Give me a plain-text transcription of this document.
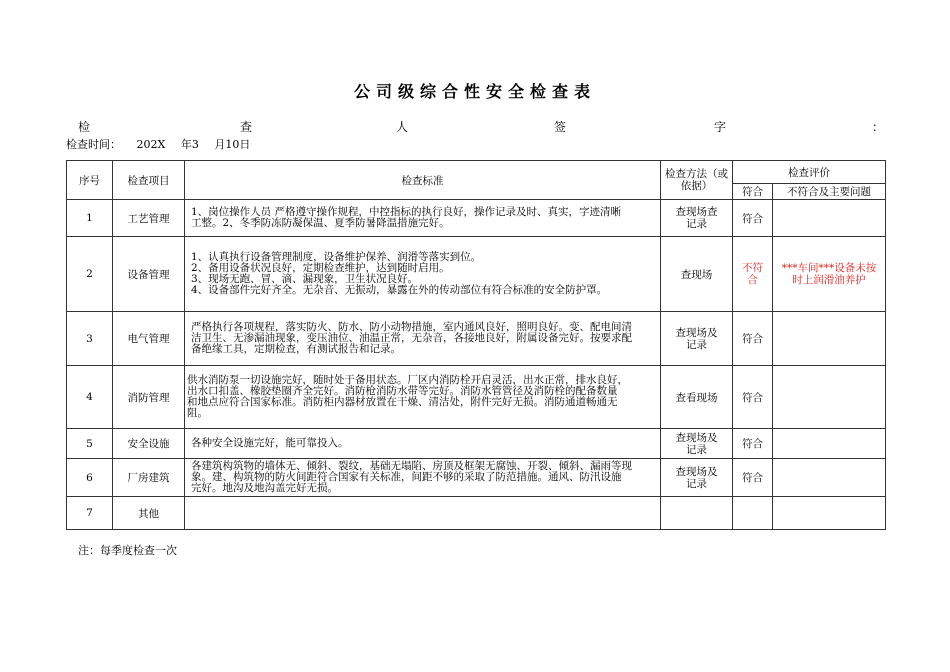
公司级综合性安全检查表
检	查	人	签	字	：
检查时间： 202X 年3 月10日
序号	检查项目	检查标准	检查方法（或依据）	检查评价	
				符合	不符合及主要问题
1	工艺管理	1、岗位操作人员 严格遵守操作规程，中控指标的执行良好，操作记录及时、真实，字迹清晰
工整。2、冬季防冻防凝保温、夏季防暑降温措施完好。	查现场查记录	符合	
2	设备管理	1、认真执行设备管理制度，设备维护保养、润滑等落实到位。
2、备用设备状况良好，定期检查维护，达到随时启用。
3、现场无跑、冒、滴、漏现象，卫生状况良好。
4、设备部件完好齐全。无杂音、无振动，暴露在外的传动部位有符合标准的安全防护罩。	查现场	不符合	***车间***设备未按时上润滑油养护
3	电气管理	严格执行各项规程，落实防火、防水、防小动物措施，室内通风良好，照明良好。变、配电间清
洁卫生、无渗漏油现象，变压油位、油温正常，无杂音，各接地良好，附属设备完好。按要求配
备绝缘工具，定期检查，有测试报告和记录。	查现场及记录	符合	
4	消防管理	供水消防泵一切设施完好，随时处于备用状态。厂区内消防栓开启灵活，出水正常，排水良好，
出水口扣盖、橡胶垫圈齐全完好。消防枪消防水带等完好。消防水管管径及消防栓的配备数量
和地点应符合国家标准。消防柜内器材放置在干燥、清洁处，附件完好无损。消防通道畅通无
阻。	查看现场	符合	
5	安全设施	各种安全设施完好，能可靠投入。	查现场及记录	符合	
6	厂房建筑	各建筑构筑物的墙体无、倾斜、裂纹，基础无塌陷、房顶及框架无腐蚀、开裂、倾斜、漏雨等现
象。建、构筑物的防火间距符合国家有关标准，间距不够的采取了防范措施。通风、防汛设施
完好。地沟及地沟盖完好无损。	查现场及记录	符合	
7	其他				
注：每季度检查一次
